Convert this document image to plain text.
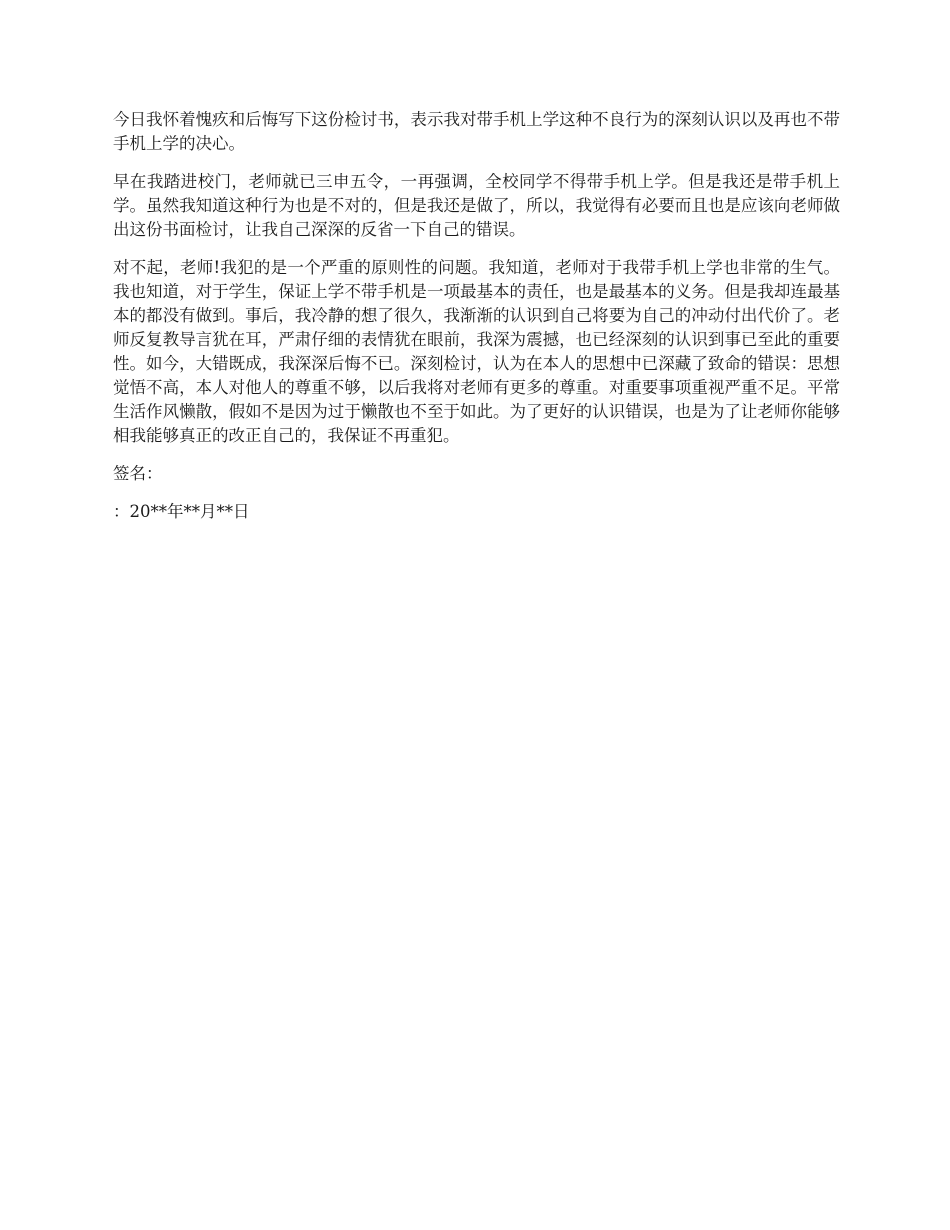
今日我怀着愧疚和后悔写下这份检讨书，表示我对带手机上学这种不良行为的深刻认识以及再也不带手机上学的决心。

早在我踏进校门，老师就已三申五令，一再强调，全校同学不得带手机上学。但是我还是带手机上学。虽然我知道这种行为也是不对的，但是我还是做了，所以，我觉得有必要而且也是应该向老师做出这份书面检讨，让我自己深深的反省一下自己的错误。

对不起，老师!我犯的是一个严重的原则性的问题。我知道，老师对于我带手机上学也非常的生气。我也知道，对于学生，保证上学不带手机是一项最基本的责任，也是最基本的义务。但是我却连最基本的都没有做到。事后，我冷静的想了很久，我渐渐的认识到自己将要为自己的冲动付出代价了。老师反复教导言犹在耳，严肃仔细的表情犹在眼前，我深为震撼，也已经深刻的认识到事已至此的重要性。如今，大错既成，我深深后悔不已。深刻检讨，认为在本人的思想中已深藏了致命的错误：思想觉悟不高，本人对他人的尊重不够，以后我将对老师有更多的尊重。对重要事项重视严重不足。平常生活作风懒散，假如不是因为过于懒散也不至于如此。为了更好的认识错误，也是为了让老师你能够相我能够真正的改正自己的，我保证不再重犯。

签名：

：20**年**月**日
